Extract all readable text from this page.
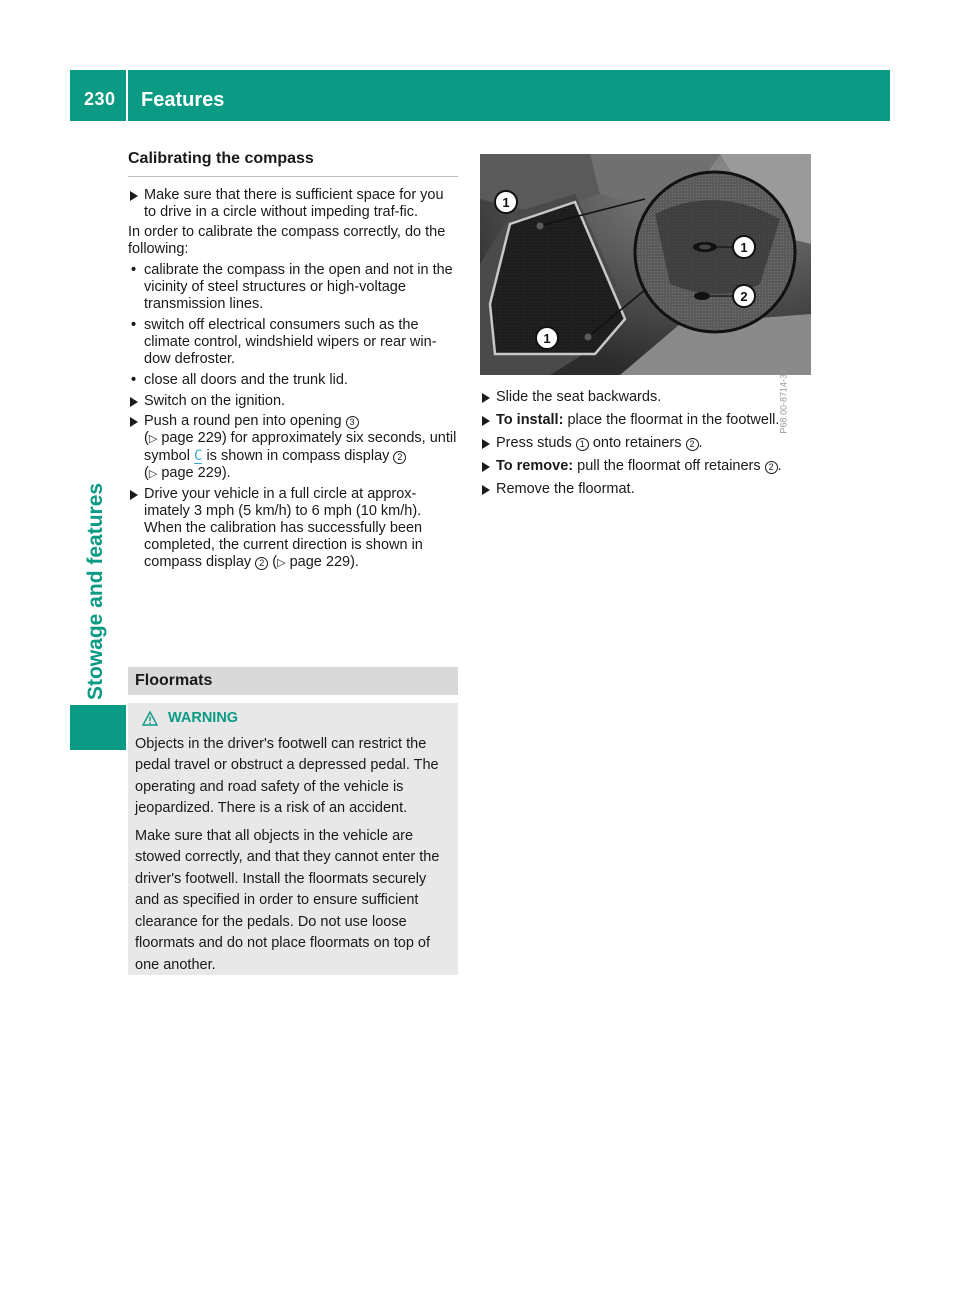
230 Features
Stowage and features
Calibrating the compass
Make sure that there is sufficient space for you to drive in a circle without impeding traf-fic.
In order to calibrate the compass correctly, do the following:
• calibrate the compass in the open and not in the vicinity of steel structures or high-voltage transmission lines.
• switch off electrical consumers such as the climate control, windshield wipers or rear win-dow defroster.
• close all doors and the trunk lid.
Switch on the ignition.
Push a round pen into opening 3
(▷ page 229) for approximately six seconds, until symbol C is shown in compass display 2
(▷ page 229).
Drive your vehicle in a full circle at approx-imately 3 mph (5 km/h) to 6 mph (10 km/h). When the calibration has successfully been completed, the current direction is shown in compass display 2 (▷ page 229).
Floormats
WARNING

Objects in the driver's footwell can restrict the pedal travel or obstruct a depressed pedal. The operating and road safety of the vehicle is jeopardized. There is a risk of an accident.

Make sure that all objects in the vehicle are stowed correctly, and that they cannot enter the driver's footwell. Install the floormats securely and as specified in order to ensure sufficient clearance for the pedals. Do not use loose floormats and do not place floormats on top of one another.

1
1
1
2
P68.00-8714-31
Slide the seat backwards.
To install: place the floormat in the footwell.
Press studs 1 onto retainers 2 .
To remove: pull the floormat off retainers 2 .
Remove the floormat.
